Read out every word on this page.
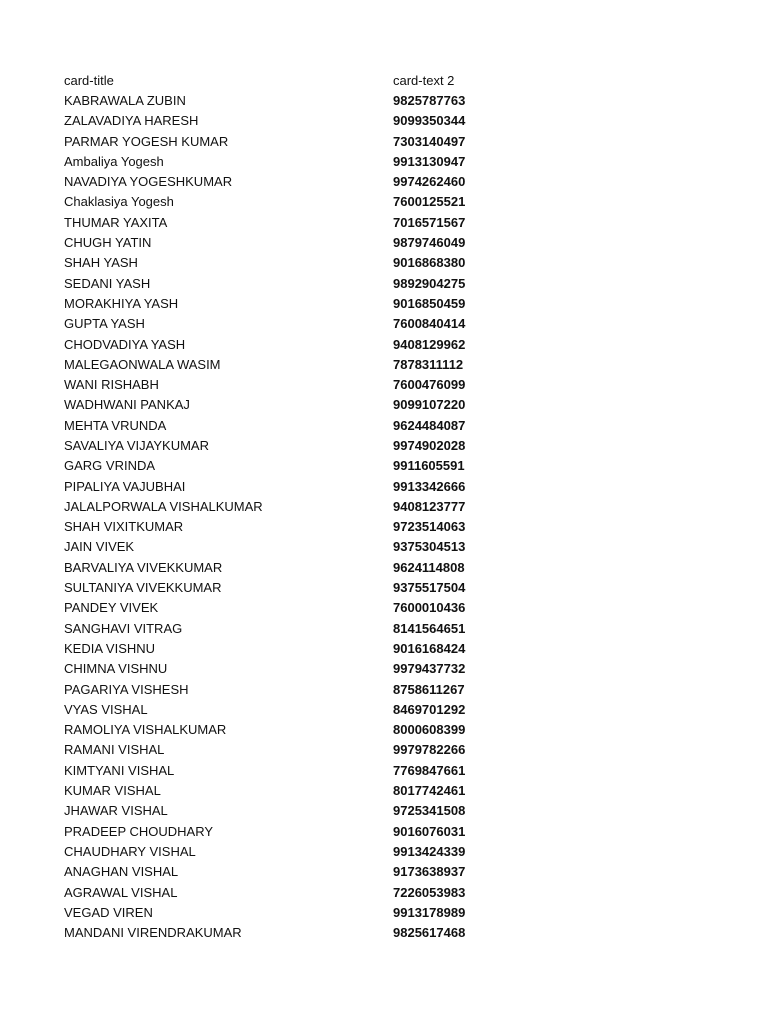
card-title	card-text 2
KABRAWALA ZUBIN	9825787763
ZALAVADIYA HARESH	9099350344
PARMAR YOGESH KUMAR	7303140497
Ambaliya Yogesh	9913130947
NAVADIYA YOGESHKUMAR	9974262460
Chaklasiya Yogesh	7600125521
THUMAR YAXITA	7016571567
CHUGH YATIN	9879746049
SHAH YASH	9016868380
SEDANI YASH	9892904275
MORAKHIYA YASH	9016850459
GUPTA YASH	7600840414
CHODVADIYA YASH	9408129962
MALEGAONWALA WASIM	7878311112
WANI RISHABH	7600476099
WADHWANI PANKAJ	9099107220
MEHTA VRUNDA	9624484087
SAVALIYA VIJAYKUMAR	9974902028
GARG VRINDA	9911605591
PIPALIYA VAJUBHAI	9913342666
JALALPORWALA VISHALKUMAR	9408123777
SHAH VIXITKUMAR	9723514063
JAIN VIVEK	9375304513
BARVALIYA VIVEKKUMAR	9624114808
SULTANIYA VIVEKKUMAR	9375517504
PANDEY VIVEK	7600010436
SANGHAVI VITRAG	8141564651
KEDIA VISHNU	9016168424
CHIMNA VISHNU	9979437732
PAGARIYA VISHESH	8758611267
VYAS VISHAL	8469701292
RAMOLIYA VISHALKUMAR	8000608399
RAMANI VISHAL	9979782266
KIMTYANI VISHAL	7769847661
KUMAR VISHAL	8017742461
JHAWAR VISHAL	9725341508
PRADEEP CHOUDHARY	9016076031
CHAUDHARY VISHAL	9913424339
ANAGHAN VISHAL	9173638937
AGRAWAL VISHAL	7226053983
VEGAD VIREN	9913178989
MANDANI VIRENDRAKUMAR	9825617468
